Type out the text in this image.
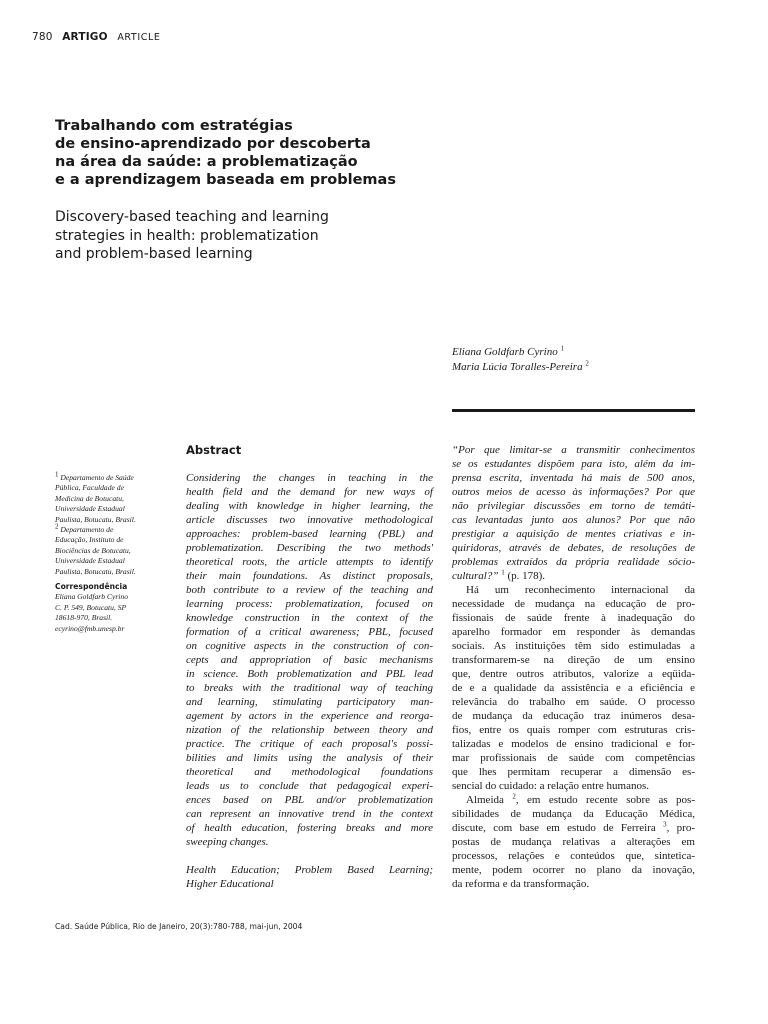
780 ARTIGO ARTICLE
Trabalhando com estratégias
de ensino-aprendizado por descoberta
na área da saúde: a problematização
e a aprendizagem baseada em problemas
Discovery-based teaching and learning
strategies in health: problematization
and problem-based learning
Eliana Goldfarb Cyrino $^1$
Maria Lúcia Toralles-Pereira $^2$

$^1$ Departamento de Saúde

Pública, Faculdade de

Medicina de Botucatu,

Universidade Estadual

Paulista, Botucatu, Brasil.

$^2$ Departamento de

Educação, Instituto de

Biociências de Botucatu,

Universidade Estadual

Paulista, Botucatu, Brasil.

Correspondência

Eliana Goldfarb Cyrino

C. P. 549, Botucatu, SP

18618-970, Brasil.

ecyrino@fmb.unesp.br

Abstract
Considering the changes in teaching in the
health field and the demand for new ways of
dealing with knowledge in higher learning, the
article discusses two innovative methodological
approaches: problem-based learning (PBL) and
problematization. Describing the two methods'
theoretical roots, the article attempts to identify
their main foundations. As distinct proposals,
both contribute to a review of the teaching and
learning process: problematization, focused on
knowledge construction in the context of the
formation of a critical awareness; PBL, focused
on cognitive aspects in the construction of con-
cepts and appropriation of basic mechanisms
in science. Both problematization and PBL lead
to breaks with the traditional way of teaching
and learning, stimulating participatory man-
agement by actors in the experience and reorga-
nization of the relationship between theory and
practice. The critique of each proposal's possi-
bilities and limits using the analysis of their
theoretical and methodological foundations
leads us to conclude that pedagogical experi-
ences based on PBL and/or problematization
can represent an innovative trend in the context
of health education, fostering breaks and more
sweeping changes.
Health Education; Problem Based Learning;
Higher Educational
“Por que limitar-se a transmitir conhecimentos
se os estudantes dispõem para isto, além da im-
prensa escrita, inventada há mais de 500 anos,
outros meios de acesso às informações? Por que
não privilegiar discussões em torno de temáti-
cas levantadas junto aos alunos? Por que não
prestigiar a aquisição de mentes criativas e in-
quiridoras, através de debates, de resoluções de
problemas extraídos da própria realidade sócio-
cultural?” $^1$ (p. 178).
Há um reconhecimento internacional da
necessidade de mudança na educação de pro-
fissionais de saúde frente à inadequação do
aparelho formador em responder às demandas
sociais. As instituições têm sido estimuladas a
transformarem-se na direção de um ensino
que, dentre outros atributos, valorize a eqüida-
de e a qualidade da assistência e a eficiência e
relevância do trabalho em saúde. O processo
de mudança da educação traz inúmeros desa-
fios, entre os quais romper com estruturas cris-
talizadas e modelos de ensino tradicional e for-
mar profissionais de saúde com competências
que lhes permitam recuperar a dimensão es-
sencial do cuidado: a relação entre humanos.
Almeida $^2$, em estudo recente sobre as pos-
sibilidades de mudança da Educação Médica,
discute, com base em estudo de Ferreira $^3$, pro-
postas de mudança relativas a alterações em
processos, relações e conteúdos que, sintetica-
mente, podem ocorrer no plano da inovação,
da reforma e da transformação.
Cad. Saúde Pública, Rio de Janeiro, 20(3):780-788, mai-jun, 2004
